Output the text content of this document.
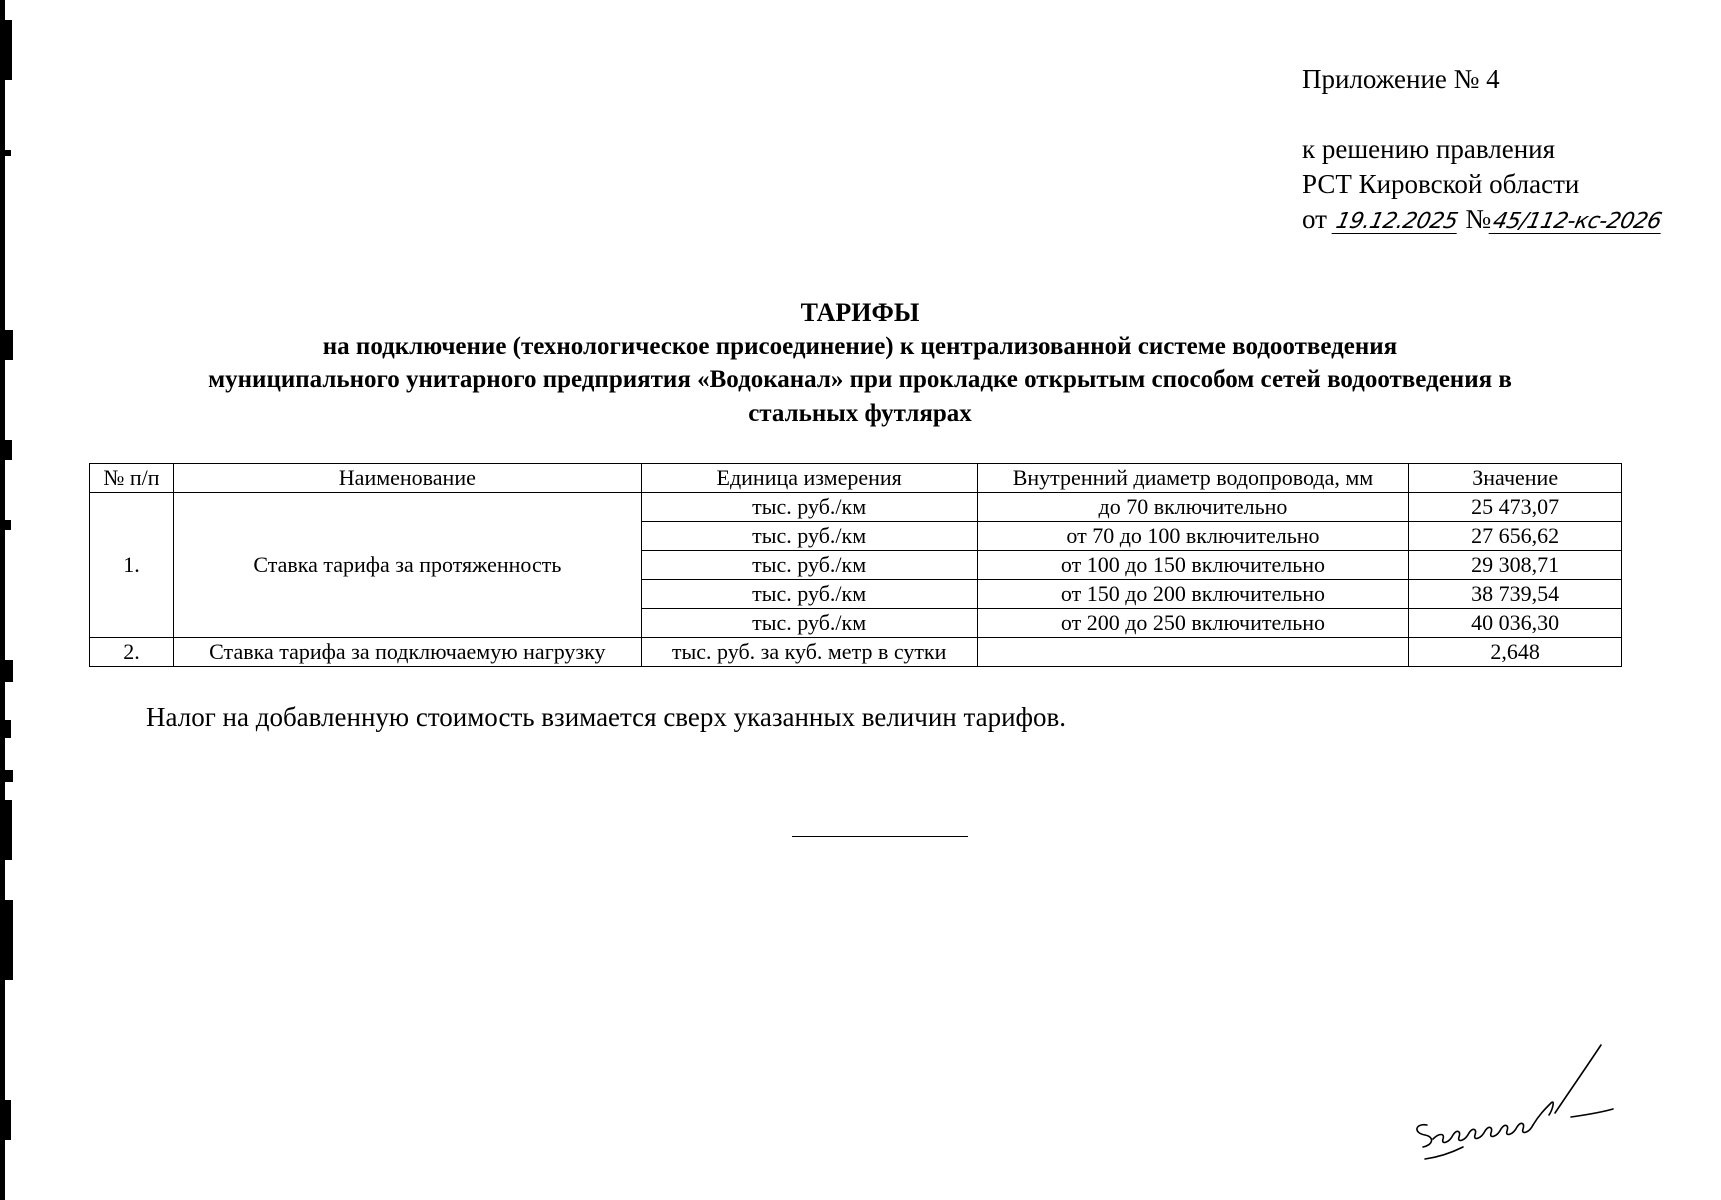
Приложение № 4
к решению правления
РСТ Кировской области
от 19.12.2025 №45/112-кс-2026
ТАРИФЫ
на подключение (технологическое присоединение) к централизованной системе водоотведения
муниципального унитарного предприятия «Водоканал» при прокладке открытым способом сетей водоотведения в
стальных футлярах
№ п/п	Наименование	Единица измерения	Внутренний диаметр водопровода, мм	Значение
1.	Ставка тарифа за протяженность	тыс. руб./км	до 70 включительно	25 473,07
		тыс. руб./км	от 70 до 100 включительно	27 656,62
		тыс. руб./км	от 100 до 150 включительно	29 308,71
		тыс. руб./км	от 150 до 200 включительно	38 739,54
		тыс. руб./км	от 200 до 250 включительно	40 036,30
2.	Ставка тарифа за подключаемую нагрузку	тыс. руб. за куб. метр в сутки		2,648
Налог на добавленную стоимость взимается сверх указанных величин тарифов.
